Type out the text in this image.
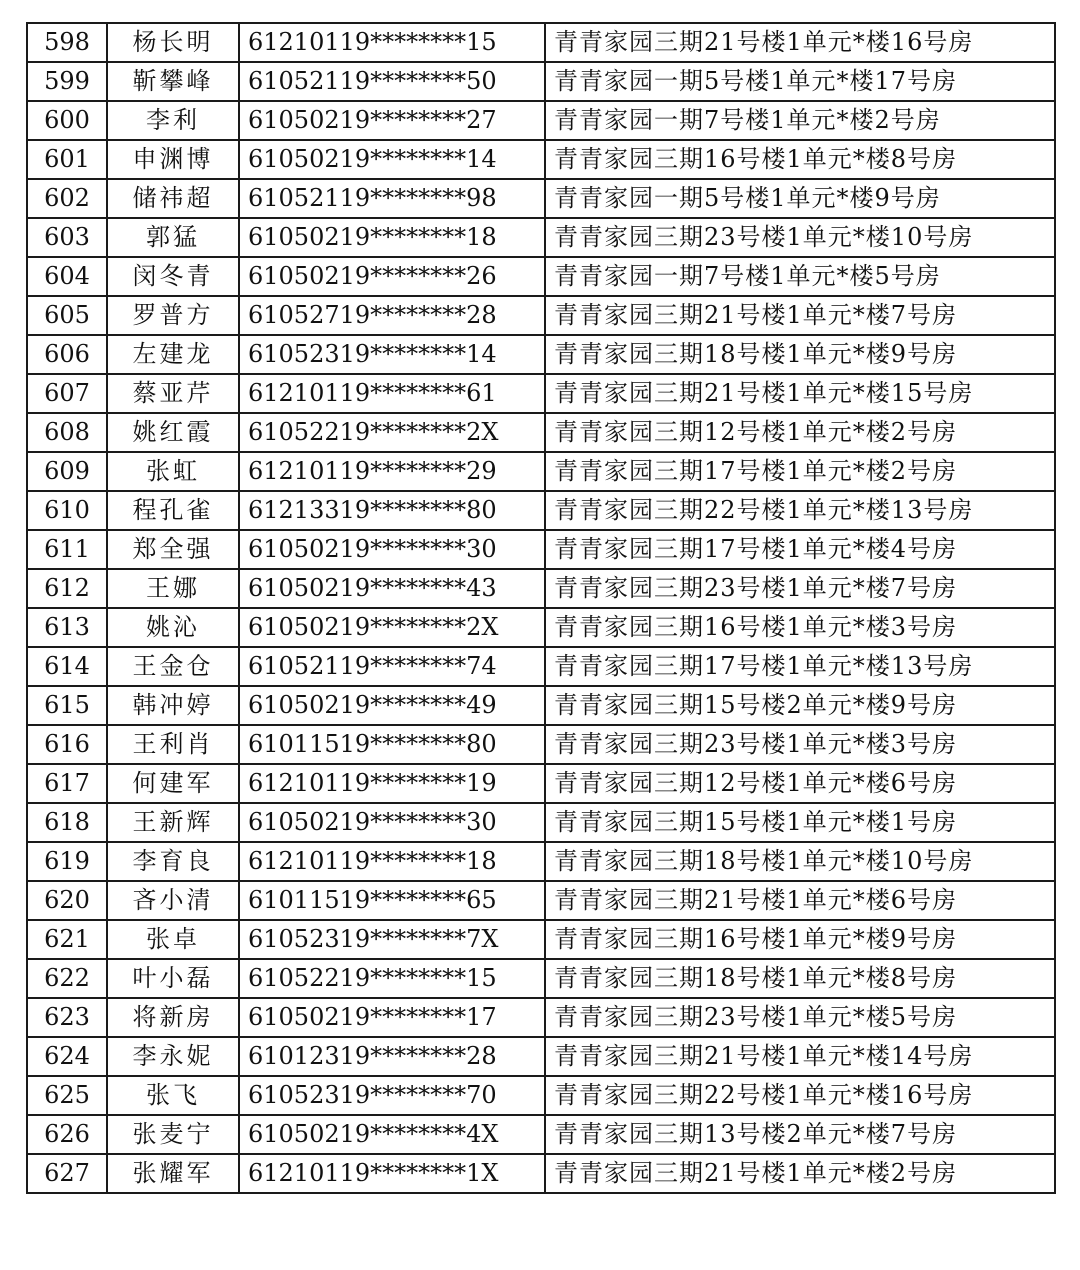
598	杨长明	61210119********15	青青家园三期21号楼1单元*楼16号房
599	靳攀峰	61052119********50	青青家园一期5号楼1单元*楼17号房
600	李利	61050219********27	青青家园一期7号楼1单元*楼2号房
601	申渊博	61050219********14	青青家园三期16号楼1单元*楼8号房
602	储祎超	61052119********98	青青家园一期5号楼1单元*楼9号房
603	郭猛	61050219********18	青青家园三期23号楼1单元*楼10号房
604	闵冬青	61050219********26	青青家园一期7号楼1单元*楼5号房
605	罗普方	61052719********28	青青家园三期21号楼1单元*楼7号房
606	左建龙	61052319********14	青青家园三期18号楼1单元*楼9号房
607	蔡亚芹	61210119********61	青青家园三期21号楼1单元*楼15号房
608	姚红霞	61052219********2X	青青家园三期12号楼1单元*楼2号房
609	张虹	61210119********29	青青家园三期17号楼1单元*楼2号房
610	程孔雀	61213319********80	青青家园三期22号楼1单元*楼13号房
611	郑全强	61050219********30	青青家园三期17号楼1单元*楼4号房
612	王娜	61050219********43	青青家园三期23号楼1单元*楼7号房
613	姚沁	61050219********2X	青青家园三期16号楼1单元*楼3号房
614	王金仓	61052119********74	青青家园三期17号楼1单元*楼13号房
615	韩冲婷	61050219********49	青青家园三期15号楼2单元*楼9号房
616	王利肖	61011519********80	青青家园三期23号楼1单元*楼3号房
617	何建军	61210119********19	青青家园三期12号楼1单元*楼6号房
618	王新辉	61050219********30	青青家园三期15号楼1单元*楼1号房
619	李育良	61210119********18	青青家园三期18号楼1单元*楼10号房
620	吝小清	61011519********65	青青家园三期21号楼1单元*楼6号房
621	张卓	61052319********7X	青青家园三期16号楼1单元*楼9号房
622	叶小磊	61052219********15	青青家园三期18号楼1单元*楼8号房
623	将新房	61050219********17	青青家园三期23号楼1单元*楼5号房
624	李永妮	61012319********28	青青家园三期21号楼1单元*楼14号房
625	张飞	61052319********70	青青家园三期22号楼1单元*楼16号房
626	张麦宁	61050219********4X	青青家园三期13号楼2单元*楼7号房
627	张耀军	61210119********1X	青青家园三期21号楼1单元*楼2号房
